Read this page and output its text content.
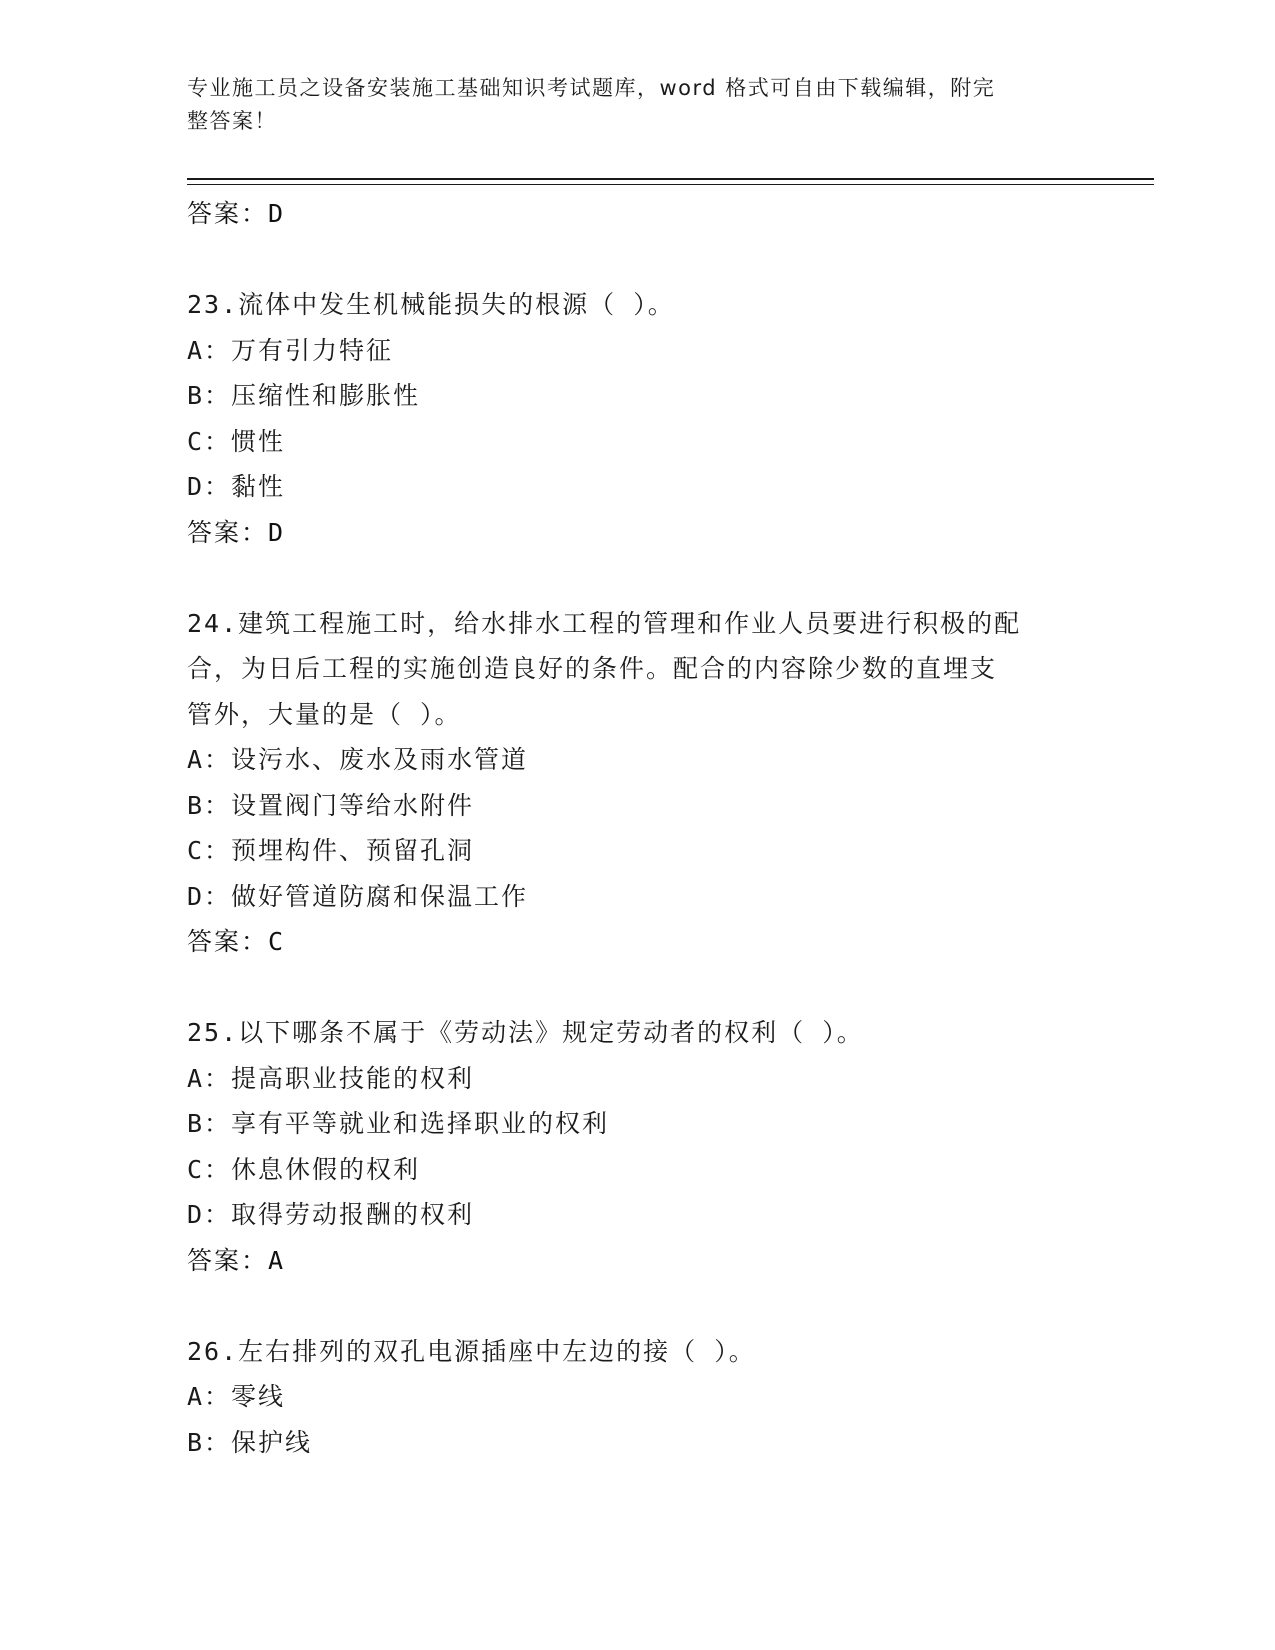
专业施工员之设备安装施工基础知识考试题库，word 格式可自由下载编辑，附完
整答案！
答案：D
23.流体中发生机械能损失的根源（ ）。
A：万有引力特征
B：压缩性和膨胀性
C：惯性
D：黏性
答案：D
24.建筑工程施工时，给水排水工程的管理和作业人员要进行积极的配
合，为日后工程的实施创造良好的条件。配合的内容除少数的直埋支
管外，大量的是（ ）。
A：设污水、废水及雨水管道
B：设置阀门等给水附件
C：预埋构件、预留孔洞
D：做好管道防腐和保温工作
答案：C
25.以下哪条不属于《劳动法》规定劳动者的权利（ ）。
A：提高职业技能的权利
B：享有平等就业和选择职业的权利
C：休息休假的权利
D：取得劳动报酬的权利
答案：A
26.左右排列的双孔电源插座中左边的接（ ）。
A：零线
B：保护线
